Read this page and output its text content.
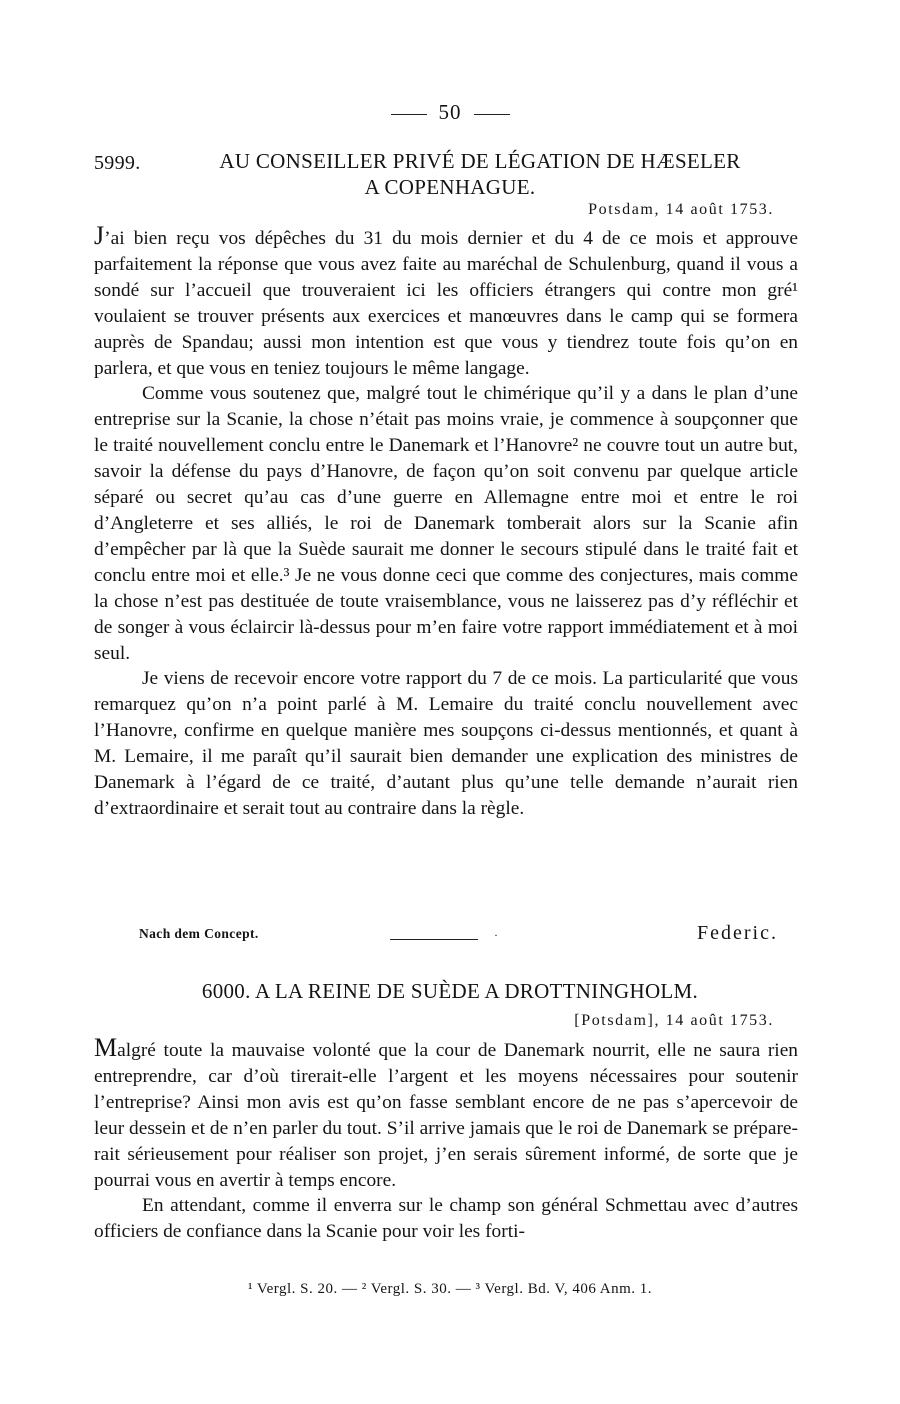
50
5999.	AU CONSEILLER PRIVÉ DE LÉGATION DE HÆSELER
A COPENHAGUE.
Potsdam, 14 août 1753.

J’ai bien reçu vos dépêches du 31 du mois dernier et du 4 de ce mois et approuve parfaitement la réponse que vous avez faite au maréchal de Schulenburg, quand il vous a sondé sur l’accueil que trouveraient ici les officiers étrangers qui contre mon gré¹ voulaient se trouver présents aux exercices et manœuvres dans le camp qui se formera auprès de Spandau; aussi mon intention est que vous y tiendrez toute fois qu’on en parlera, et que vous en teniez toujours le même langage.

Comme vous soutenez que, malgré tout le chimérique qu’il y a dans le plan d’une entreprise sur la Scanie, la chose n’était pas moins vraie, je commence à soupçonner que le traité nouvellement conclu entre le Danemark et l’Hanovre² ne couvre tout un autre but, savoir la défense du pays d’Hanovre, de façon qu’on soit convenu par quelque article séparé ou secret qu’au cas d’une guerre en Allemagne entre moi et entre le roi d’Angleterre et ses alliés, le roi de Danemark tomberait alors sur la Scanie afin d’empêcher par là que la Suède saurait me donner le secours stipulé dans le traité fait et conclu entre moi et elle.³ Je ne vous donne ceci que comme des conjectures, mais comme la chose n’est pas destituée de toute vraisemblance, vous ne laisserez pas d’y réfléchir et de songer à vous éclaircir là-dessus pour m’en faire votre rapport immédiatement et à moi seul.

Je viens de recevoir encore votre rapport du 7 de ce mois. La particularité que vous remarquez qu’on n’a point parlé à M. Lemaire du traité conclu nouvellement avec l’Hanovre, confirme en quelque manière mes soupçons ci-dessus mentionnés, et quant à M. Lemaire, il me paraît qu’il saurait bien demander une explication des ministres de Danemark à l’égard de ce traité, d’autant plus qu’une telle demande n’aurait rien d’extraordinaire et serait tout au contraire dans la règle.

Nach dem Concept.	·	Federic.
6000. A LA REINE DE SUÈDE A DROTTNINGHOLM.
[Potsdam], 14 août 1753.

Malgré toute la mauvaise volonté que la cour de Danemark nourrit, elle ne saura rien entreprendre, car d’où tirerait-elle l’argent et les moyens nécessaires pour soutenir l’entreprise? Ainsi mon avis est qu’on fasse semblant encore de ne pas s’apercevoir de leur dessein et de n’en parler du tout. S’il arrive jamais que le roi de Danemark se préparerait sérieusement pour réaliser son projet, j’en serais sûrement informé, de sorte que je pourrai vous en avertir à temps encore.

En attendant, comme il enverra sur le champ son général Schmettau avec d’autres officiers de confiance dans la Scanie pour voir les forti-

¹ Vergl. S. 20. — ² Vergl. S. 30. — ³ Vergl. Bd. V, 406 Anm. 1.
